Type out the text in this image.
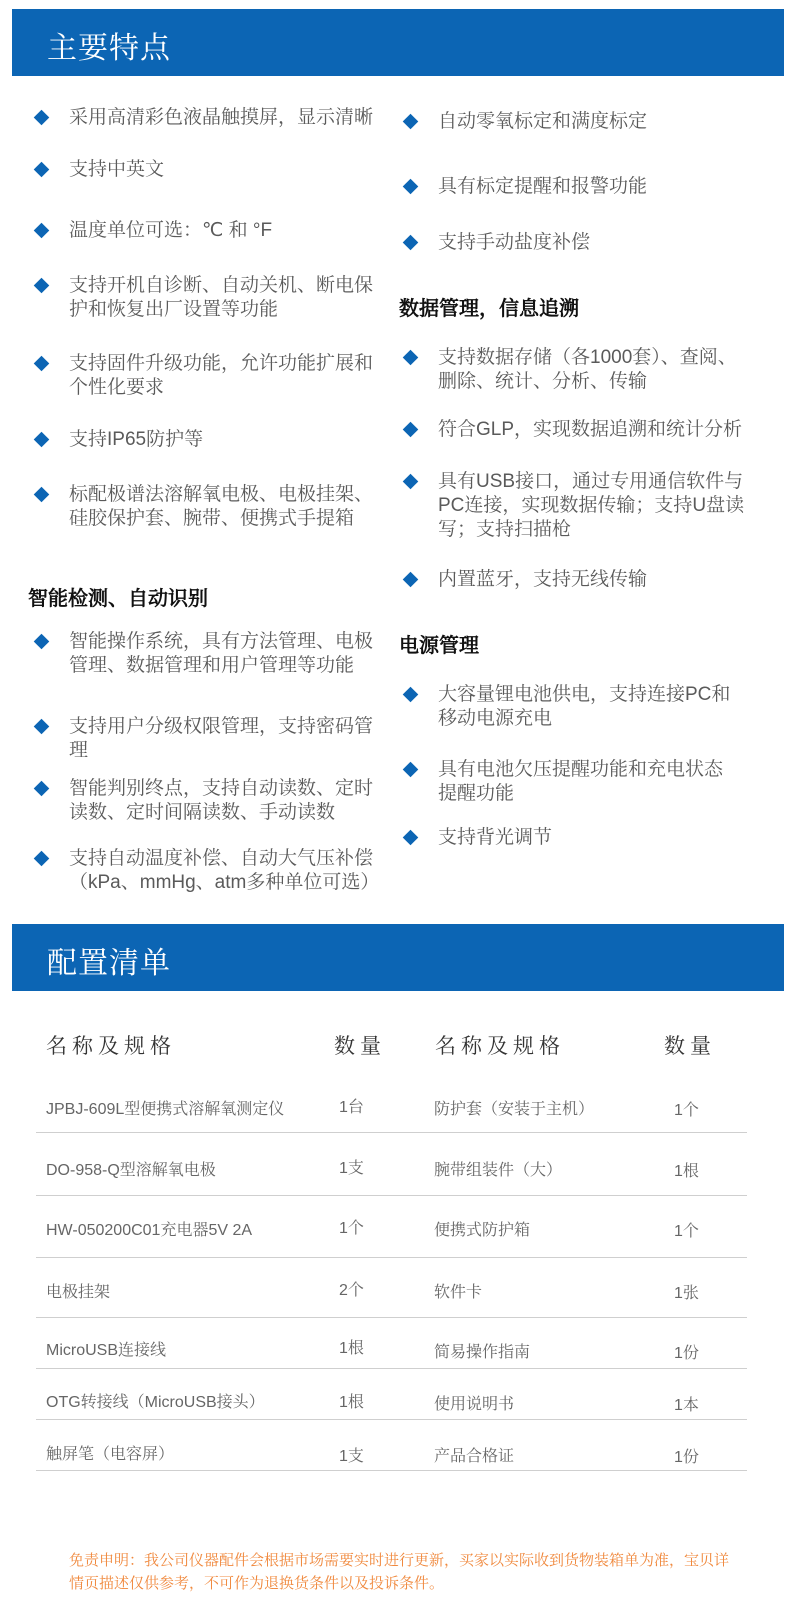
主要特点
采用高清彩色液晶触摸屏，显示清晰
支持中英文
温度单位可选：℃ 和 °F
支持开机自诊断、自动关机、断电保护和恢复出厂设置等功能
支持固件升级功能，允许功能扩展和个性化要求
支持IP65防护等
标配极谱法溶解氧电极、电极挂架、硅胶保护套、腕带、便携式手提箱
智能检测、自动识别
智能操作系统，具有方法管理、电极管理、数据管理和用户管理等功能
支持用户分级权限管理，支持密码管理
智能判别终点，支持自动读数、定时读数、定时间隔读数、手动读数
支持自动温度补偿、自动大气压补偿（kPa、mmHg、atm多种单位可选）
自动零氧标定和满度标定
具有标定提醒和报警功能
支持手动盐度补偿
数据管理，信息追溯
支持数据存储（各1000套）、查阅、删除、统计、分析、传输
符合GLP，实现数据追溯和统计分析
具有USB接口，通过专用通信软件与PC连接，实现数据传输；支持U盘读写；支持扫描枪
内置蓝牙，支持无线传输
电源管理
大容量锂电池供电，支持连接PC和移动电源充电
具有电池欠压提醒功能和充电状态提醒功能
支持背光调节
配置清单
名称及规格	数量 名称及规格	数量
JPBJ-609L型便携式溶解氧测定仪	1台	防护套（安装于主机）	1个
DO-958-Q型溶解氧电极	1支	腕带组装件（大）	1根
HW-050200C01充电器5V 2A	1个	便携式防护箱	1个
电极挂架	2个	软件卡	1张
MicroUSB连接线	1根	简易操作指南	1份
OTG转接线（MicroUSB接头）	1根	使用说明书	1本
触屏笔（电容屏）	1支	产品合格证	1份
免责申明：我公司仪器配件会根据市场需要实时进行更新，买家以实际收到货物装箱单为准，宝贝详情页描述仅供参考，不可作为退换货条件以及投诉条件。
